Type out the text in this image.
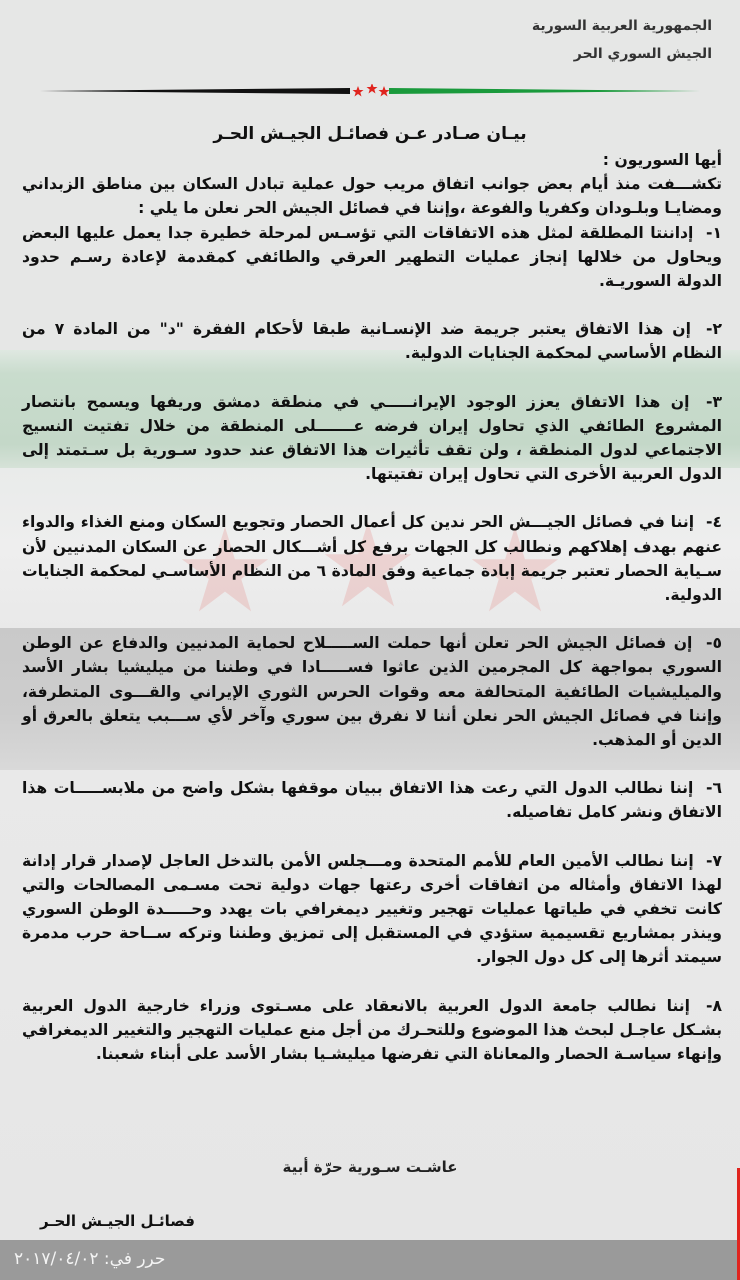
الجمهورية العربية السورية
الجيش السوري الحر
بيـان صـادر عـن فصائـل الجيـش الحـر

أيها السوريون :

تكشـــفت منذ أيام بعض جوانب اتفاق مريب حول عملية تبادل السكان بين مناطق الزبداني ومضايـا وبلـودان وكفريا والفوعة ،وإننا في فصائل الجيش الحر نعلن ما يلي :

١- إداننتا المطلقة لمثل هذه الاتفاقات التي تؤسـس لمرحلة خطيرة جدا يعمل عليها البعض ويحاول من خلالها إنجاز عمليات التطهير العرقي والطائفي كمقدمة لإعادة رسـم حدود الدولة السوريـة.

٢- إن هذا الاتفاق يعتبر جريمة ضد الإنسـانية طبقا لأحكام الفقرة "د" من المادة ٧ من النظام الأساسي لمحكمة الجنايات الدولية.

٣- إن هذا الاتفاق يعزز الوجود الإيرانـــــي في منطقة دمشق وريفها ويسمح بانتصار المشروع الطائفي الذي تحاول إيران فرضه عـــــــلى المنطقة من خلال تفتيت النسيج الاجتماعي لدول المنطقة ، ولن تقف تأثيرات هذا الاتفاق عند حدود سـورية بل سـتمتد إلى الدول العربية الأخرى التي تحاول إيران تفتيتها.

٤- إننا في فصائل الجيـــش الحر ندين كل أعمال الحصار وتجويع السكان ومنع الغذاء والدواء عنهم بهدف إهلاكهم ونطالب كل الجهات برفع كل أشـــكال الحصار عن السكان المدنيين لأن سـياية الحصار تعتبر جريمة إبادة جماعية وفق المادة ٦ من النظام الأساسـي لمحكمة الجنايات الدولية.

٥- إن فصائل الجيش الحر تعلن أنها حملت الســـــلاح لحماية المدنيين والدفاع عن الوطن السوري بمواجهة كل المجرمين الذين عاثوا فســـــادا في وطننا من ميليشيا بشار الأسد والميليشيات الطائفية المتحالفة معه وقوات الحرس الثوري الإيراني والقـــوى المتطرفة، وإننا في فصائل الجيش الحر نعلن أننا لا نفرق بين سوري وآخر لأي ســـبب يتعلق بالعرق أو الدين أو المذهب.

٦- إننا نطالب الدول التي رعت هذا الاتفاق ببيان موقفها بشكل واضح من ملابســـــات هذا الاتفاق ونشر كامل تفاصيله.

٧- إننا نطالب الأمين العام للأمم المتحدة ومـــجلس الأمن بالتدخل العاجل لإصدار قرار إدانة لهذا الاتفاق وأمثاله من اتفاقات أخرى رعتها جهات دولية تحت مسـمى المصالحات والتي كانت تخفي في طياتها عمليات تهجير وتغيير ديمغرافي بات يهدد وحـــــدة الوطن السوري وينذر بمشاريع تقسيمية ستؤدي في المستقبل إلى تمزيق وطننا وتركه ســاحة حرب مدمرة سيمتد أثرها إلى كل دول الجوار.

٨- إننا نطالب جامعة الدول العربية بالانعقاد على مسـتوى وزراء خارجية الدول العربية بشـكل عاجـل لبحث هذا الموضوع وللتحـرك من أجل منع عمليات التهجير والتغيير الديمغرافي وإنهاء سياسـة الحصار والمعاناة التي تفرضها ميليشـيا بشار الأسد على أبناء شعبنا.

عاشـت سـورية حرّة أبية
فصائـل الجيـش الحـر
حرر في: ٢٠١٧/٠٤/٠٢
